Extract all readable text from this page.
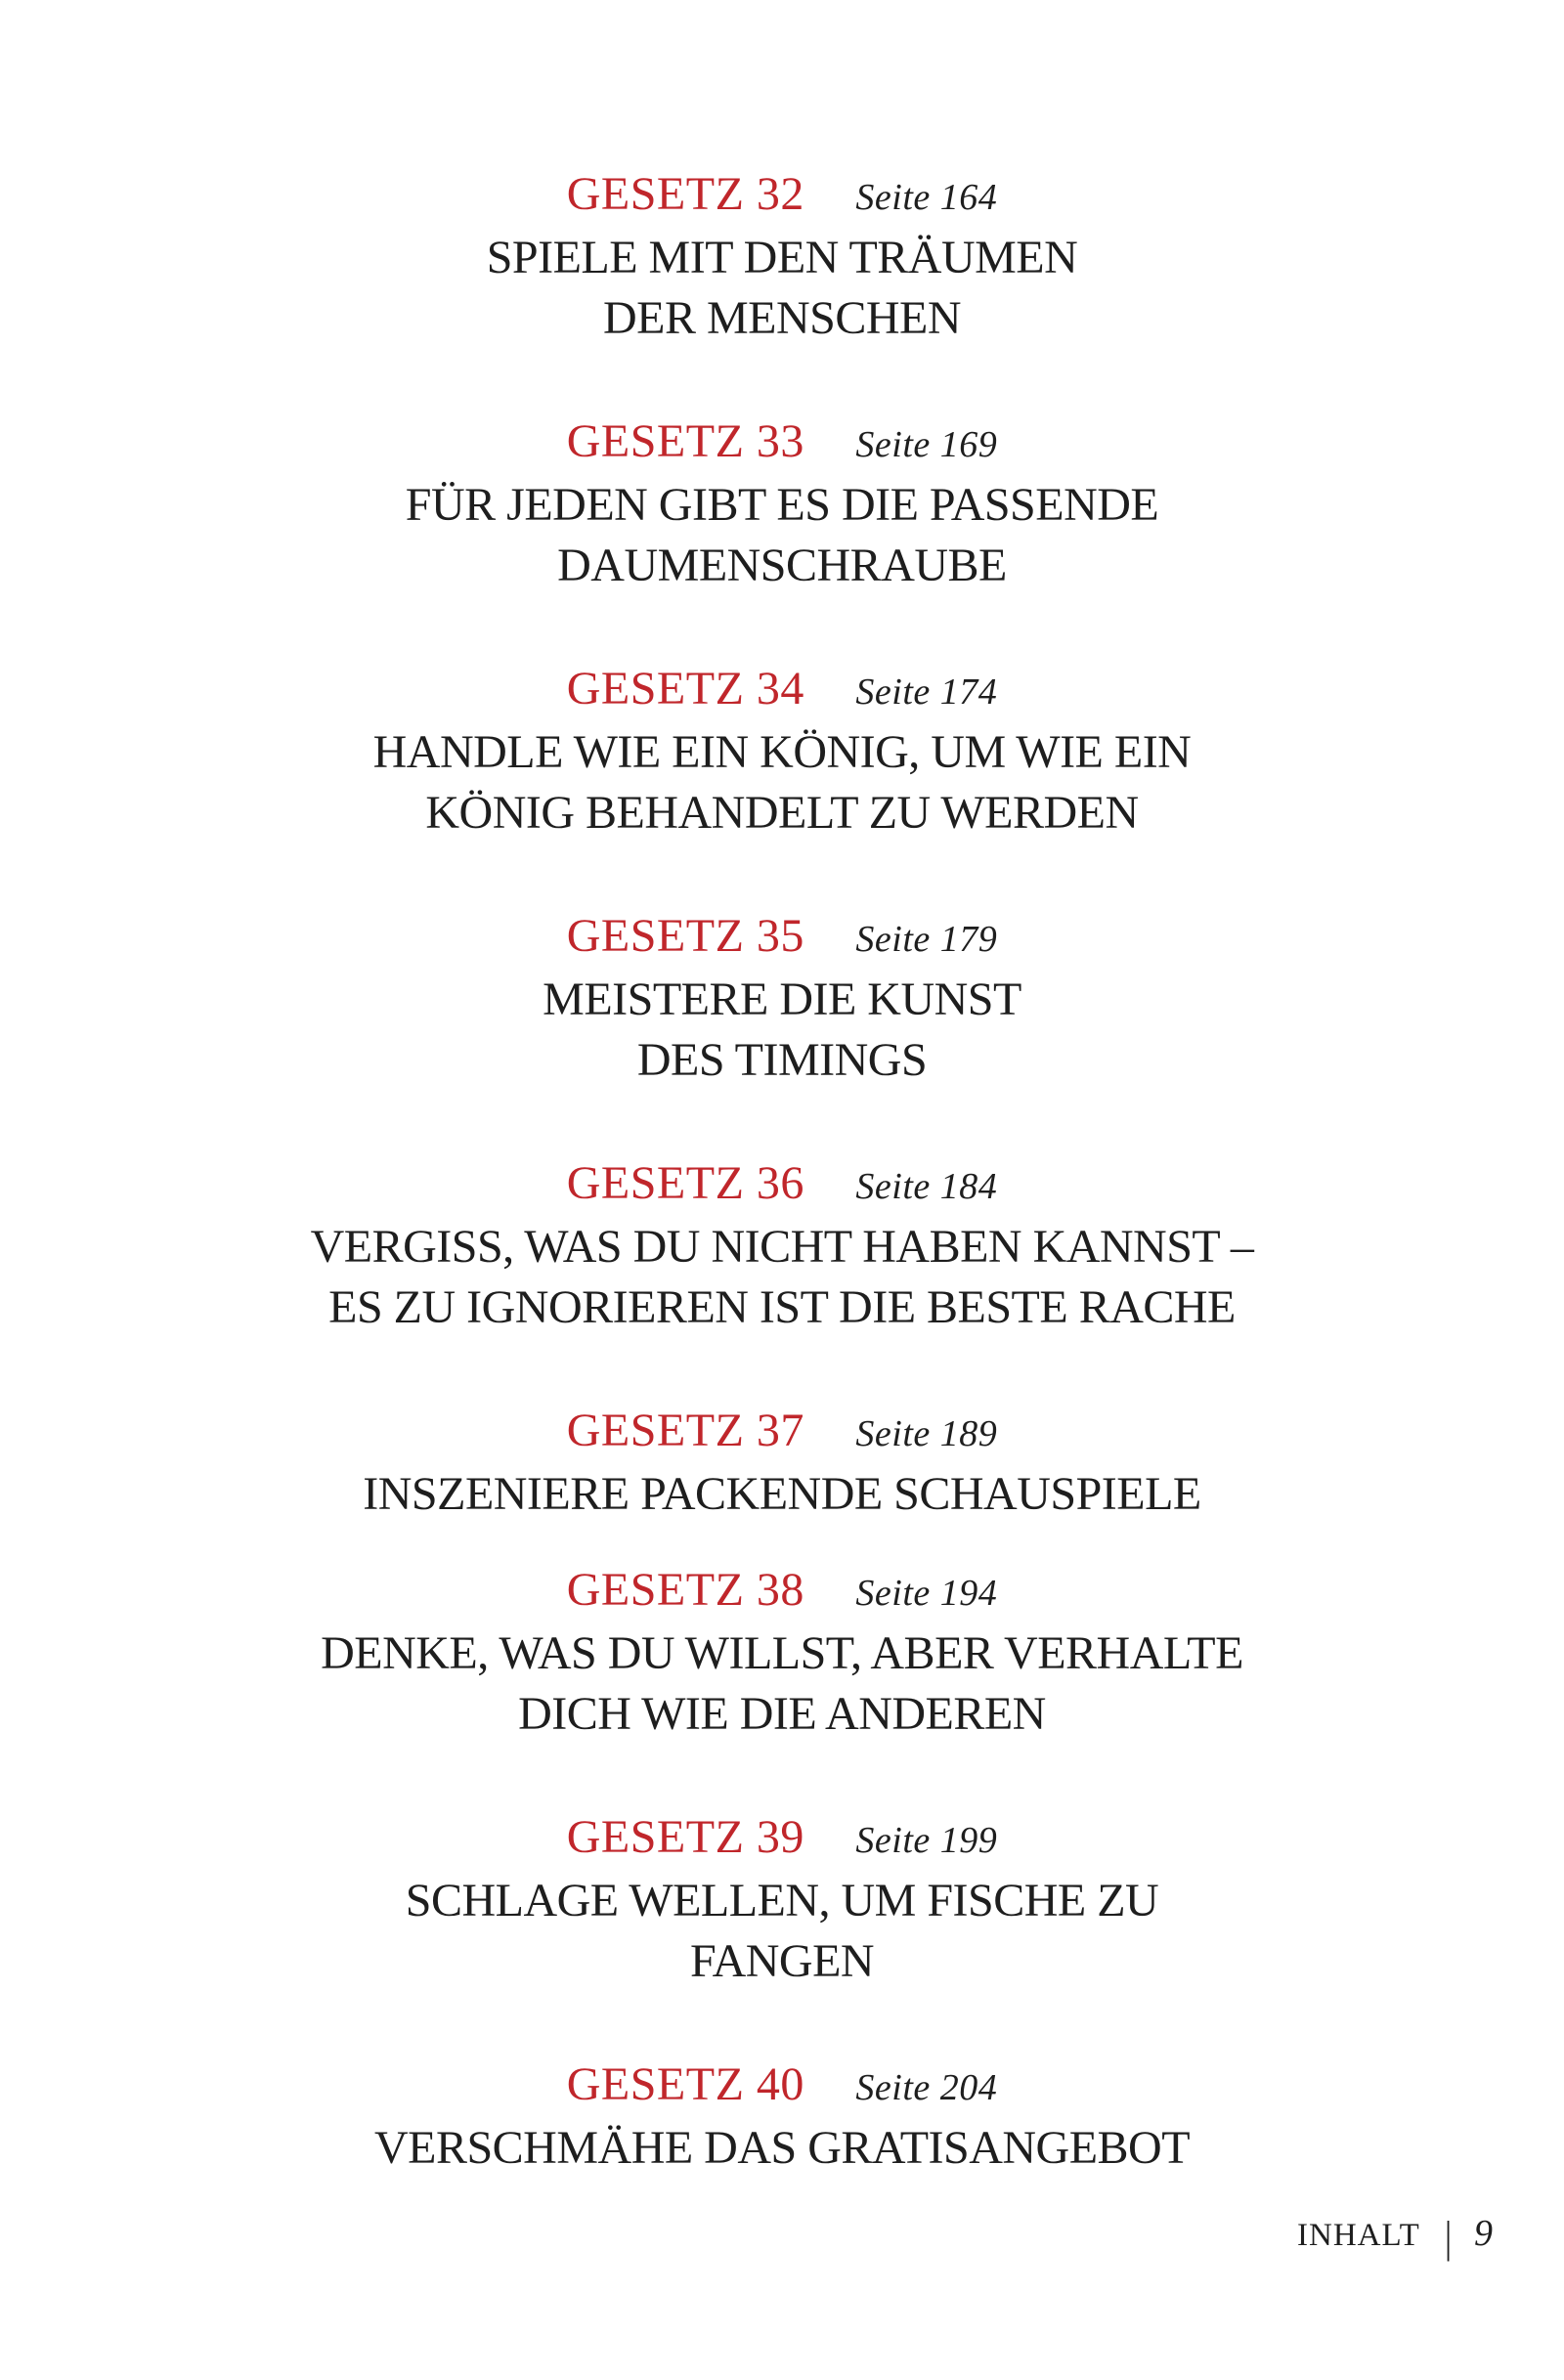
GESETZ 32 Seite 164
SPIELE MIT DEN TRÄUMEN
DER MENSCHEN
GESETZ 33 Seite 169
FÜR JEDEN GIBT ES DIE PASSENDE
DAUMENSCHRAUBE
GESETZ 34 Seite 174
HANDLE WIE EIN KÖNIG, UM WIE EIN
KÖNIG BEHANDELT ZU WERDEN
GESETZ 35 Seite 179
MEISTERE DIE KUNST
DES TIMINGS
GESETZ 36 Seite 184
VERGISS, WAS DU NICHT HABEN KANNST –
ES ZU IGNORIEREN IST DIE BESTE RACHE
GESETZ 37 Seite 189
INSZENIERE PACKENDE SCHAUSPIELE
GESETZ 38 Seite 194
DENKE, WAS DU WILLST, ABER VERHALTE
DICH WIE DIE ANDEREN
GESETZ 39 Seite 199
SCHLAGE WELLEN, UM FISCHE ZU
FANGEN
GESETZ 40 Seite 204
VERSCHMÄHE DAS GRATISANGEBOT
INHALT | 9
